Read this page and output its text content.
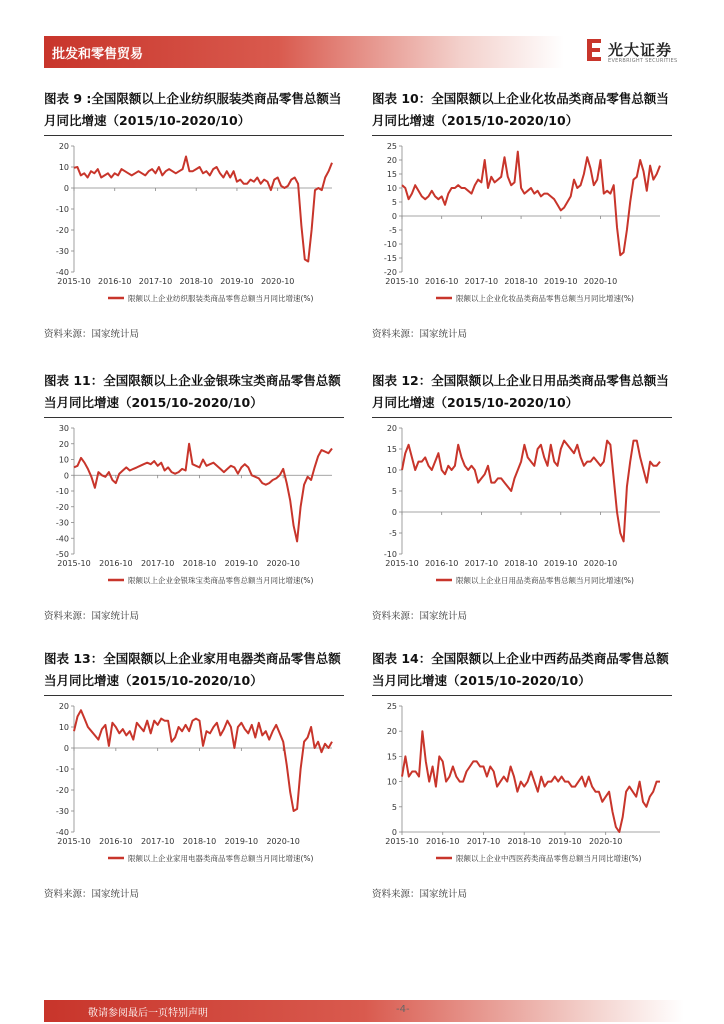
批发和零售贸易	光大证券
EVERBRIGHT SECURITIES
图表 9 :全国限额以上企业纺织服装类商品零售总额当
月同比增速（2015/10-2020/10）
20
10
0
-10
-20
-30
-40
2015-10 2016-10 2017-10 2018-10 2019-10 2020-10
限额以上企业纺织服装类商品零售总额当月同比增速(%)
资料来源：国家统计局
图表 10：全国限额以上企业化妆品类商品零售总额当
月同比增速（2015/10-2020/10）
25
20
15
10
5
0
-5
-10
-15
-20
2015-10 2016-10 2017-10 2018-10 2019-10 2020-10
限额以上企业化妆品类商品零售总额当月同比增速(%)
资料来源：国家统计局
图表 11：全国限额以上企业金银珠宝类商品零售总额
当月同比增速（2015/10-2020/10）
30
20
10
0
-10
-20
-30
-40
-50
2015-10 2016-10 2017-10 2018-10 2019-10 2020-10
限额以上企业金银珠宝类商品零售总额当月同比增速(%)
资料来源：国家统计局
图表 12：全国限额以上企业日用品类商品零售总额当
月同比增速（2015/10-2020/10）
20
15
10
5
0
-5
-10
2015-10 2016-10 2017-10 2018-10 2019-10 2020-10
限额以上企业日用品类商品零售总额当月同比增速(%)
资料来源：国家统计局
图表 13：全国限额以上企业家用电器类商品零售总额
当月同比增速（2015/10-2020/10）
20
10
0
-10
-20
-30
-40
2015-10 2016-10 2017-10 2018-10 2019-10 2020-10
限额以上企业家用电器类商品零售总额当月同比增速(%)
资料来源：国家统计局
图表 14：全国限额以上企业中西药品类商品零售总额
当月同比增速（2015/10-2020/10）
25
20
15
10
5
0
2015-10 2016-10 2017-10 2018-10 2019-10 2020-10
限额以上企业中西医药类商品零售总额当月同比增速(%)
资料来源：国家统计局
敬请参阅最后一页特别声明	-4-
